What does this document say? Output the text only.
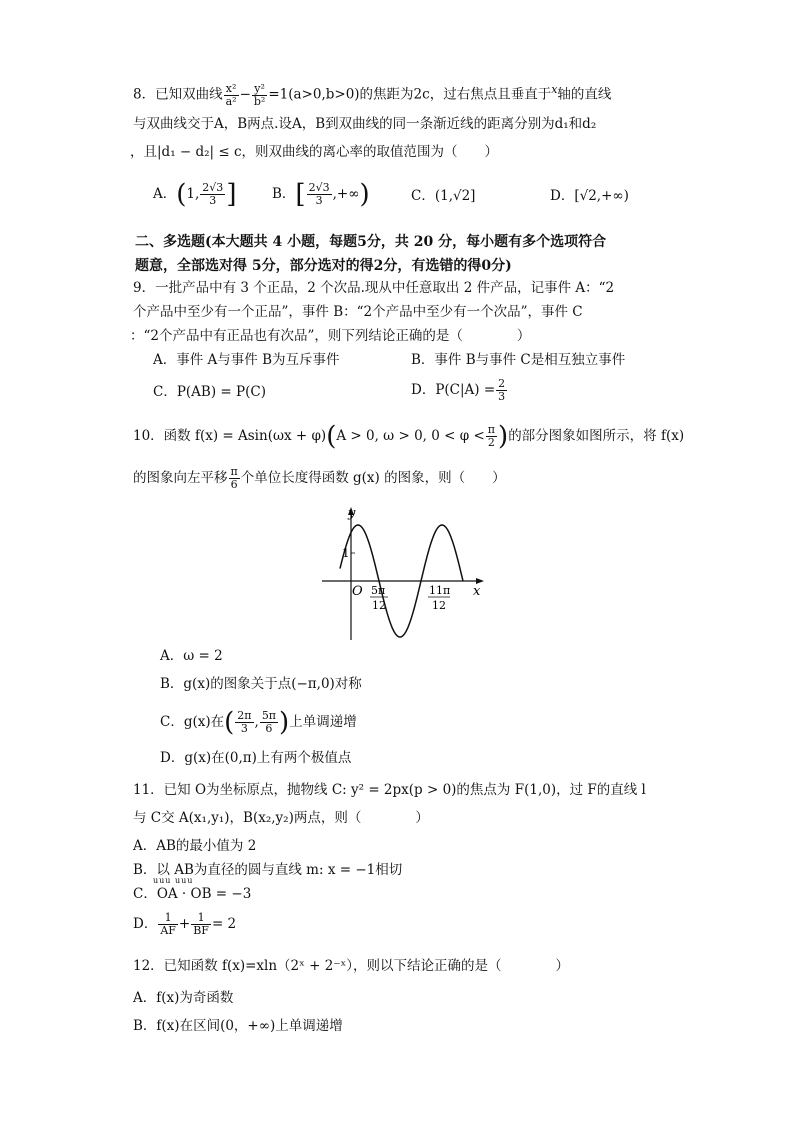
8．已知双曲线 $\frac{\text{x²}}{\text{a²}} - \frac{\text{y²}}{\text{b²}} =1(a>0,b>0)$的焦距为2c，过右焦点且垂直于$^x$轴的直线
与双曲线交于A，B两点.设A，B到双曲线的同一条渐近线的距离分别为d₁和d₂
，且|d₁ − d₂| ≤ c，则双曲线的离心率的取值范围为（　　）
A．(1, $\frac{2√3}{3}$ ]	B．[ $\frac{2√3}{3}$ ,+∞)	C．(1,√2]	D．[√2,+∞)
二、多选题(本大题共 4 小题，每题5分，共 20 分，每小题有多个选项符合
题意，全部选对得 5分，部分选对的得2分，有选错的得0分)
9．一批产品中有 3 个正品，2 个次品.现从中任意取出 2 件产品，记事件 A：“2
个产品中至少有一个正品”，事件 B：“2个产品中至少有一个次品”，事件 C
：“2个产品中有正品也有次品”，则下列结论正确的是（　　　　）
A．事件 A与事件 B为互斥事件	B．事件 B与事件 C是相互独立事件
C．P(AB) = P(C)	D．$P(C|A) = \frac{2}{3}$
10．函数 f(x) = Asin(ωx + φ)(A > 0, ω > 0, $0 < \varphi < \frac{\pi}{2}$ )的部分图象如图所示，将 f(x)
的图象向左平移 $\frac{\pi}{6}$ 个单位长度得函数 g(x) 的图象，则（　　）
y
x
O
1
5π
12
11π
12
A．ω = 2
B．g(x)的图象关于点(−π,0)对称
C．g(x)在( $\frac{2\pi}{3}$ , $\frac{5\pi}{6}$ )上单调递增
D．g(x)在(0,π)上有两个极值点
11．已知 O为坐标原点，抛物线 C: y² = 2px(p > 0)的焦点为 F(1,0)，过 F的直线 l
与 C交 A(x₁,y₁)，B(x₂,y₂)两点，则（　　　　）
A．AB的最小值为 2
B．以 AB为直径的圆与直线 m: x = −1相切
uuu uuu
C．OA · OB = −3
D． $\frac{1}{AF} + \frac{1}{BF} = 2$
12．已知函数 f(x)=xln（2ˣ + 2⁻ˣ），则以下结论正确的是（　　　　）
A．f(x)为奇函数
B．f(x)在区间(0，+∞)上单调递增
